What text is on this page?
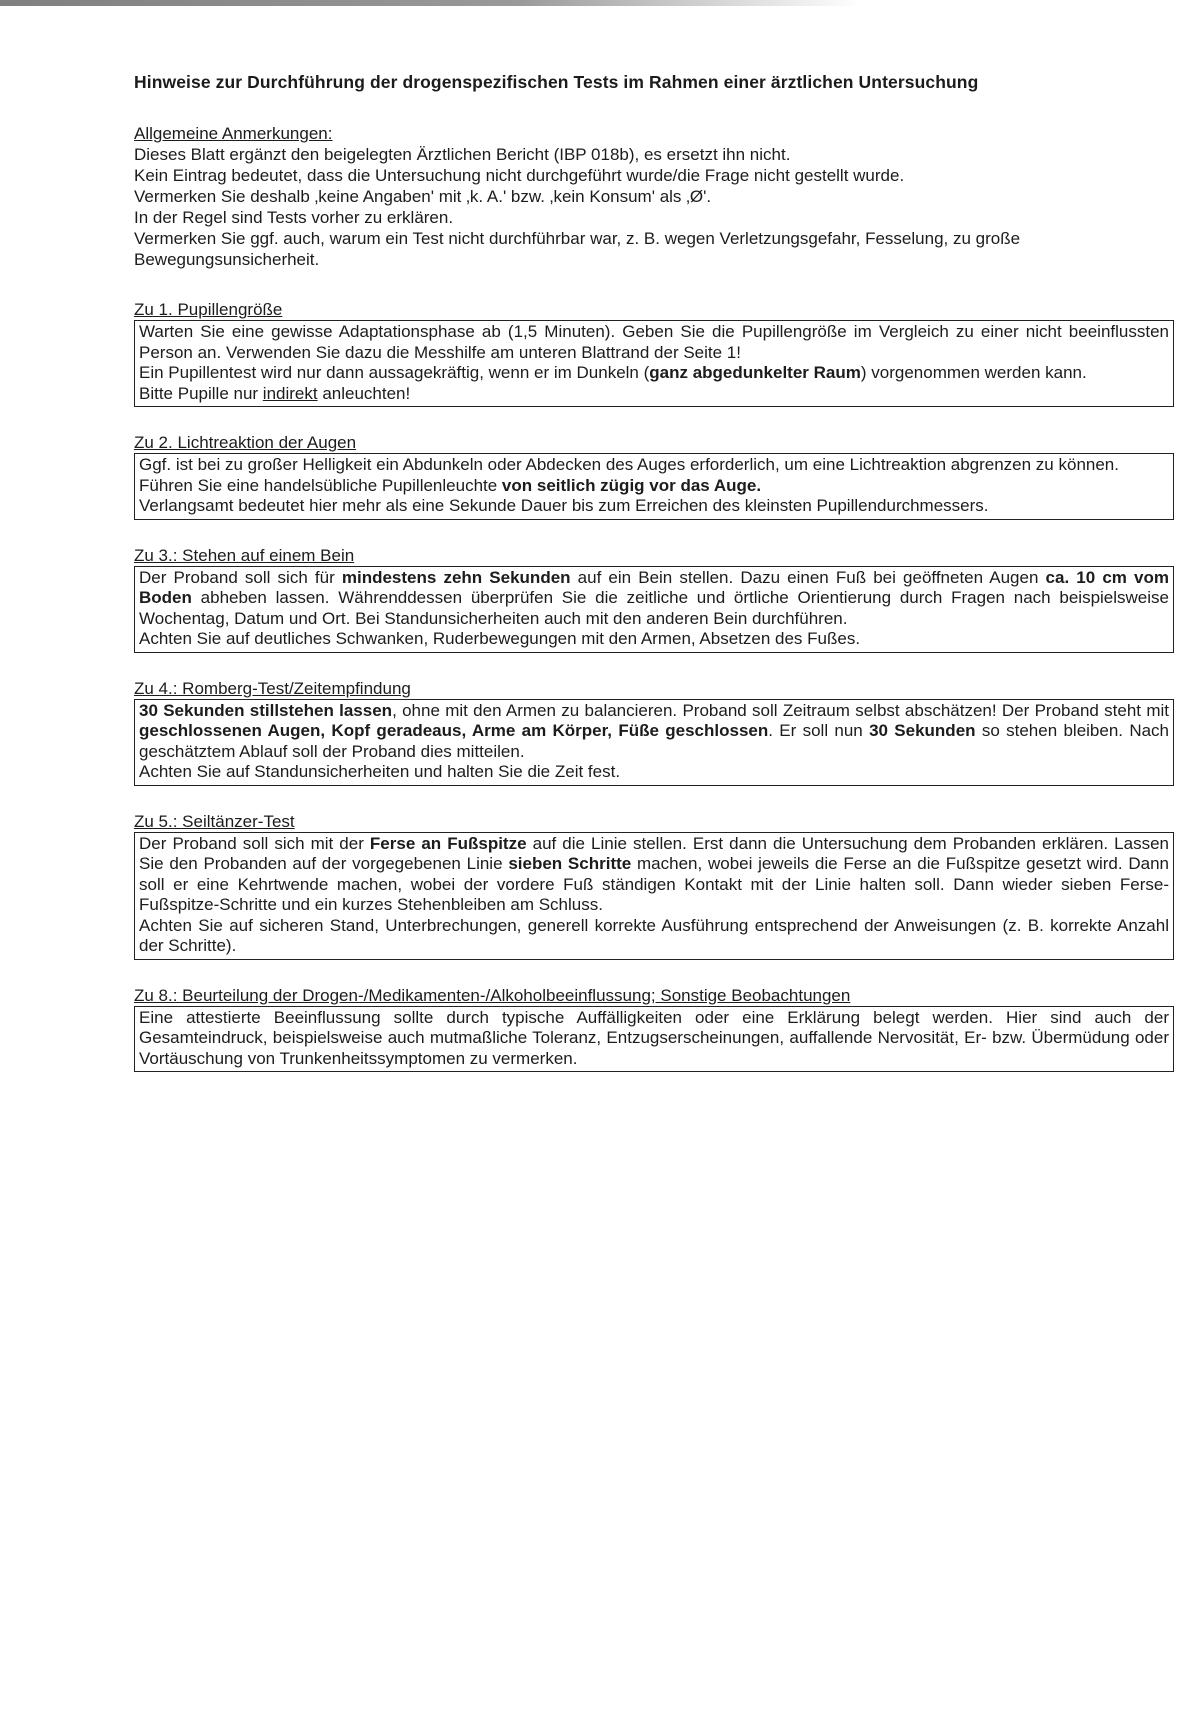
Hinweise zur Durchführung der drogenspezifischen Tests im Rahmen einer ärztlichen Untersuchung
Allgemeine Anmerkungen:

Dieses Blatt ergänzt den beigelegten Ärztlichen Bericht (IBP 018b), es ersetzt ihn nicht.

Kein Eintrag bedeutet, dass die Untersuchung nicht durchgeführt wurde/die Frage nicht gestellt wurde.

Vermerken Sie deshalb ‚keine Angaben' mit ‚k. A.' bzw. ‚kein Konsum' als ‚Ø'.

In der Regel sind Tests vorher zu erklären.

Vermerken Sie ggf. auch, warum ein Test nicht durchführbar war, z. B. wegen Verletzungsgefahr, Fesselung, zu große Bewegungsunsicherheit.

Zu 1. Pupillengröße

Warten Sie eine gewisse Adaptationsphase ab (1,5 Minuten). Geben Sie die Pupillengröße im Vergleich zu einer nicht beeinflussten Person an. Verwenden Sie dazu die Messhilfe am unteren Blattrand der Seite 1!

Ein Pupillentest wird nur dann aussagekräftig, wenn er im Dunkeln (ganz abgedunkelter Raum) vorgenommen werden kann.

Bitte Pupille nur indirekt anleuchten!

Zu 2. Lichtreaktion der Augen

Ggf. ist bei zu großer Helligkeit ein Abdunkeln oder Abdecken des Auges erforderlich, um eine Lichtreaktion abgrenzen zu können.

Führen Sie eine handelsübliche Pupillenleuchte von seitlich zügig vor das Auge.

Verlangsamt bedeutet hier mehr als eine Sekunde Dauer bis zum Erreichen des kleinsten Pupillendurchmessers.

Zu 3.: Stehen auf einem Bein

Der Proband soll sich für mindestens zehn Sekunden auf ein Bein stellen. Dazu einen Fuß bei geöffneten Augen ca. 10 cm vom Boden abheben lassen. Währenddessen überprüfen Sie die zeitliche und örtliche Orientierung durch Fragen nach beispielsweise Wochentag, Datum und Ort. Bei Standunsicherheiten auch mit den anderen Bein durchführen.

Achten Sie auf deutliches Schwanken, Ruderbewegungen mit den Armen, Absetzen des Fußes.

Zu 4.: Romberg-Test/Zeitempfindung

30 Sekunden stillstehen lassen, ohne mit den Armen zu balancieren. Proband soll Zeitraum selbst abschätzen! Der Proband steht mit geschlossenen Augen, Kopf geradeaus, Arme am Körper, Füße geschlossen. Er soll nun 30 Sekunden so stehen bleiben. Nach geschätztem Ablauf soll der Proband dies mitteilen.

Achten Sie auf Standunsicherheiten und halten Sie die Zeit fest.

Zu 5.: Seiltänzer-Test

Der Proband soll sich mit der Ferse an Fußspitze auf die Linie stellen. Erst dann die Untersuchung dem Probanden erklären. Lassen Sie den Probanden auf der vorgegebenen Linie sieben Schritte machen, wobei jeweils die Ferse an die Fußspitze gesetzt wird. Dann soll er eine Kehrtwende machen, wobei der vordere Fuß ständigen Kontakt mit der Linie halten soll. Dann wieder sieben Ferse-Fußspitze-Schritte und ein kurzes Stehenbleiben am Schluss.

Achten Sie auf sicheren Stand, Unterbrechungen, generell korrekte Ausführung entsprechend der Anweisungen (z. B. korrekte Anzahl der Schritte).

Zu 8.: Beurteilung der Drogen-/Medikamenten-/Alkoholbeeinflussung; Sonstige Beobachtungen

Eine attestierte Beeinflussung sollte durch typische Auffälligkeiten oder eine Erklärung belegt werden. Hier sind auch der Gesamteindruck, beispielsweise auch mutmaßliche Toleranz, Entzugserscheinungen, auffallende Nervosität, Er- bzw. Übermüdung oder Vortäuschung von Trunkenheitssymptomen zu vermerken.
